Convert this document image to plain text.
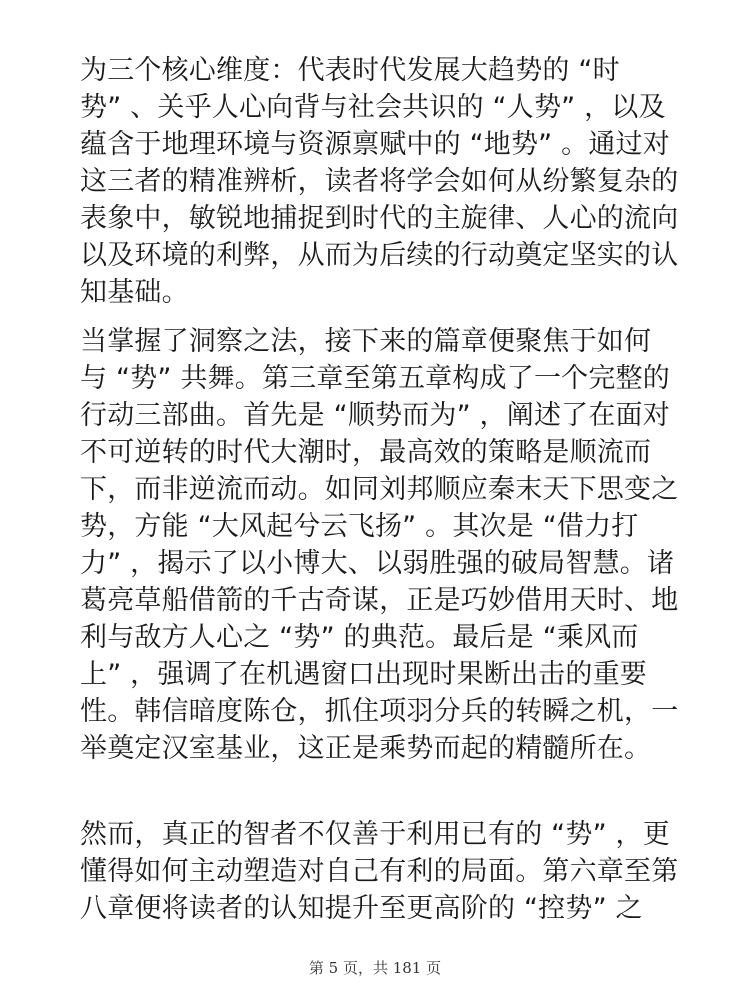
为三个核心维度：代表时代发展大趋势的 “时
势” 、关乎人心向背与社会共识的 “人势” ，以及
蕴含于地理环境与资源禀赋中的 “地势” 。通过对
这三者的精准辨析，读者将学会如何从纷繁复杂的
表象中，敏锐地捕捉到时代的主旋律、人心的流向
以及环境的利弊，从而为后续的行动奠定坚实的认
知基础。

当掌握了洞察之法，接下来的篇章便聚焦于如何
与 “势” 共舞。第三章至第五章构成了一个完整的
行动三部曲。首先是 “顺势而为” ，阐述了在面对
不可逆转的时代大潮时，最高效的策略是顺流而
下，而非逆流而动。如同刘邦顺应秦末天下思变之
势，方能 “大风起兮云飞扬” 。其次是 “借力打
力” ，揭示了以小博大、以弱胜强的破局智慧。诸
葛亮草船借箭的千古奇谋，正是巧妙借用天时、地
利与敌方人心之 “势” 的典范。最后是 “乘风而
上” ，强调了在机遇窗口出现时果断出击的重要
性。韩信暗度陈仓，抓住项羽分兵的转瞬之机，一
举奠定汉室基业，这正是乘势而起的精髓所在。

然而，真正的智者不仅善于利用已有的 “势” ，更
懂得如何主动塑造对自己有利的局面。第六章至第
八章便将读者的认知提升至更高阶的 “控势” 之

第 5 页，共 181 页
